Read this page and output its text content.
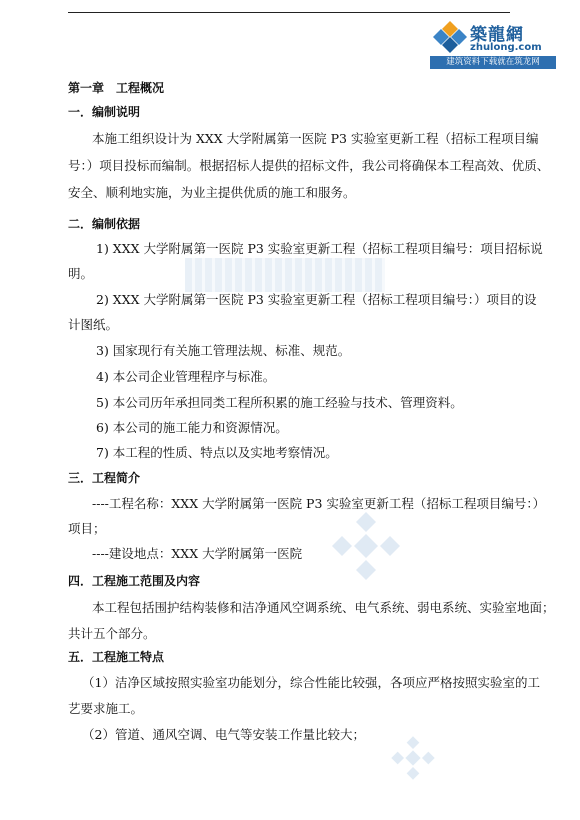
築龍網
zhulong.com
建筑资料下载就在筑龙网
第一章　工程概况
一．编制说明
本施工组织设计为 XXX 大学附属第一医院 P3 实验室更新工程（招标工程项目编
号：）项目投标而编制。根据招标人提供的招标文件，我公司将确保本工程高效、优质、
安全、顺利地实施，为业主提供优质的施工和服务。
二．编制依据
1) XXX 大学附属第一医院 P3 实验室更新工程（招标工程项目编号：项目招标说
明。
2) XXX 大学附属第一医院 P3 实验室更新工程（招标工程项目编号：）项目的设
计图纸。
3) 国家现行有关施工管理法规、标准、规范。
4) 本公司企业管理程序与标准。
5) 本公司历年承担同类工程所积累的施工经验与技术、管理资料。
6) 本公司的施工能力和资源情况。
7) 本工程的性质、特点以及实地考察情况。
三．工程简介
----工程名称：XXX 大学附属第一医院 P3 实验室更新工程（招标工程项目编号：）
项目；
----建设地点：XXX 大学附属第一医院
四．工程施工范围及内容
本工程包括围护结构装修和洁净通风空调系统、电气系统、弱电系统、实验室地面；
共计五个部分。
五．工程施工特点
（1）洁净区域按照实验室功能划分，综合性能比较强，各项应严格按照实验室的工
艺要求施工。
（2）管道、通风空调、电气等安装工作量比较大；
